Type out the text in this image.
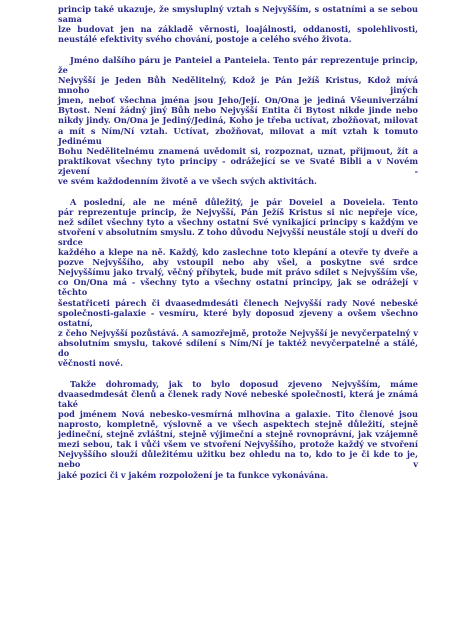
princip také ukazuje, že smysluplný vztah s Nejvyšším, s ostatními a se sebou sama
lze budovat jen na základě věrnosti, loajálnosti, oddanosti, spolehlivosti,
neustálé efektivity svého chování, postoje a celého svého života.
Jméno dalšího páru je Panteiel a Panteiela. Tento pár reprezentuje princip, že
Nejvyšší je Jeden Bůh Nedělitelný, Kdož je Pán Ježíš Kristus, Kdož mívá mnoho jiných
jmen, neboť všechna jména jsou Jeho/Její. On/Ona je jediná Všeuniverzální
Bytost. Není žádný jiný Bůh nebo Nejvyšší Entita či Bytost nikde jinde nebo
nikdy jindy. On/Ona je Jediný/Jediná, Koho je třeba uctívat, zbožňovat, milovat
a mít s Ním/Ní vztah. Uctívat, zbožňovat, milovat a mít vztah k tomuto Jedinému
Bohu Nedělitelnému znamená uvědomit si, rozpoznat, uznat, přijmout, žít a
praktikovat všechny tyto principy - odrážející se ve Svaté Bibli a v Novém zjevení -
ve svém každodenním životě a ve všech svých aktivitách.
A poslední, ale ne méně důležitý, je pár Doveiel a Doveiela. Tento
pár reprezentuje princip, že Nejvyšší, Pán Ježíš Kristus si nic nepřeje více,
než sdílet všechny tyto a všechny ostatní Své vynikající principy s každým ve
stvoření v absolutním smyslu. Z toho důvodu Nejvyšší neustále stojí u dveří do srdce
každého a klepe na ně. Každý, kdo zaslechne toto klepání a otevře ty dveře a
pozve Nejvyššího, aby vstoupil nebo aby všel, a poskytne své srdce
Nejvyššímu jako trvalý, věčný příbytek, bude mít právo sdílet s Nejvyšším vše,
co On/Ona má - všechny tyto a všechny ostatní principy, jak se odrážejí v těchto
šestatřiceti párech či dvaasedmdesáti členech Nejvyšší rady Nové nebeské
společnosti-galaxie - vesmíru, které byly doposud zjeveny a ovšem všechno ostatní,
z čeho Nejvyšší pozůstává. A samozřejmě, protože Nejvyšší je nevyčerpatelný v
absolutním smyslu, takové sdílení s Ním/Ní je taktéž nevyčerpatelné a stálé, do
věčnosti nové.
Takže dohromady, jak to bylo doposud zjeveno Nejvyšším, máme
dvaasedmdesát členů a členek rady Nové nebeské společnosti, která je známá také
pod jménem Nová nebesko-vesmírná mlhovina a galaxie. Tito členové jsou
naprosto, kompletně, výslovně a ve všech aspektech stejně důležití, stejně
jedineční, stejně zvláštní, stejně výjimeční a stejně rovnoprávní, jak vzájemně
mezi sebou, tak i vůči všem ve stvoření Nejvyššího, protože každý ve stvoření
Nejvyššího slouží důležitému užitku bez ohledu na to, kdo to je či kde to je, nebo v
jaké pozici či v jakém rozpoložení je ta funkce vykonávána.
